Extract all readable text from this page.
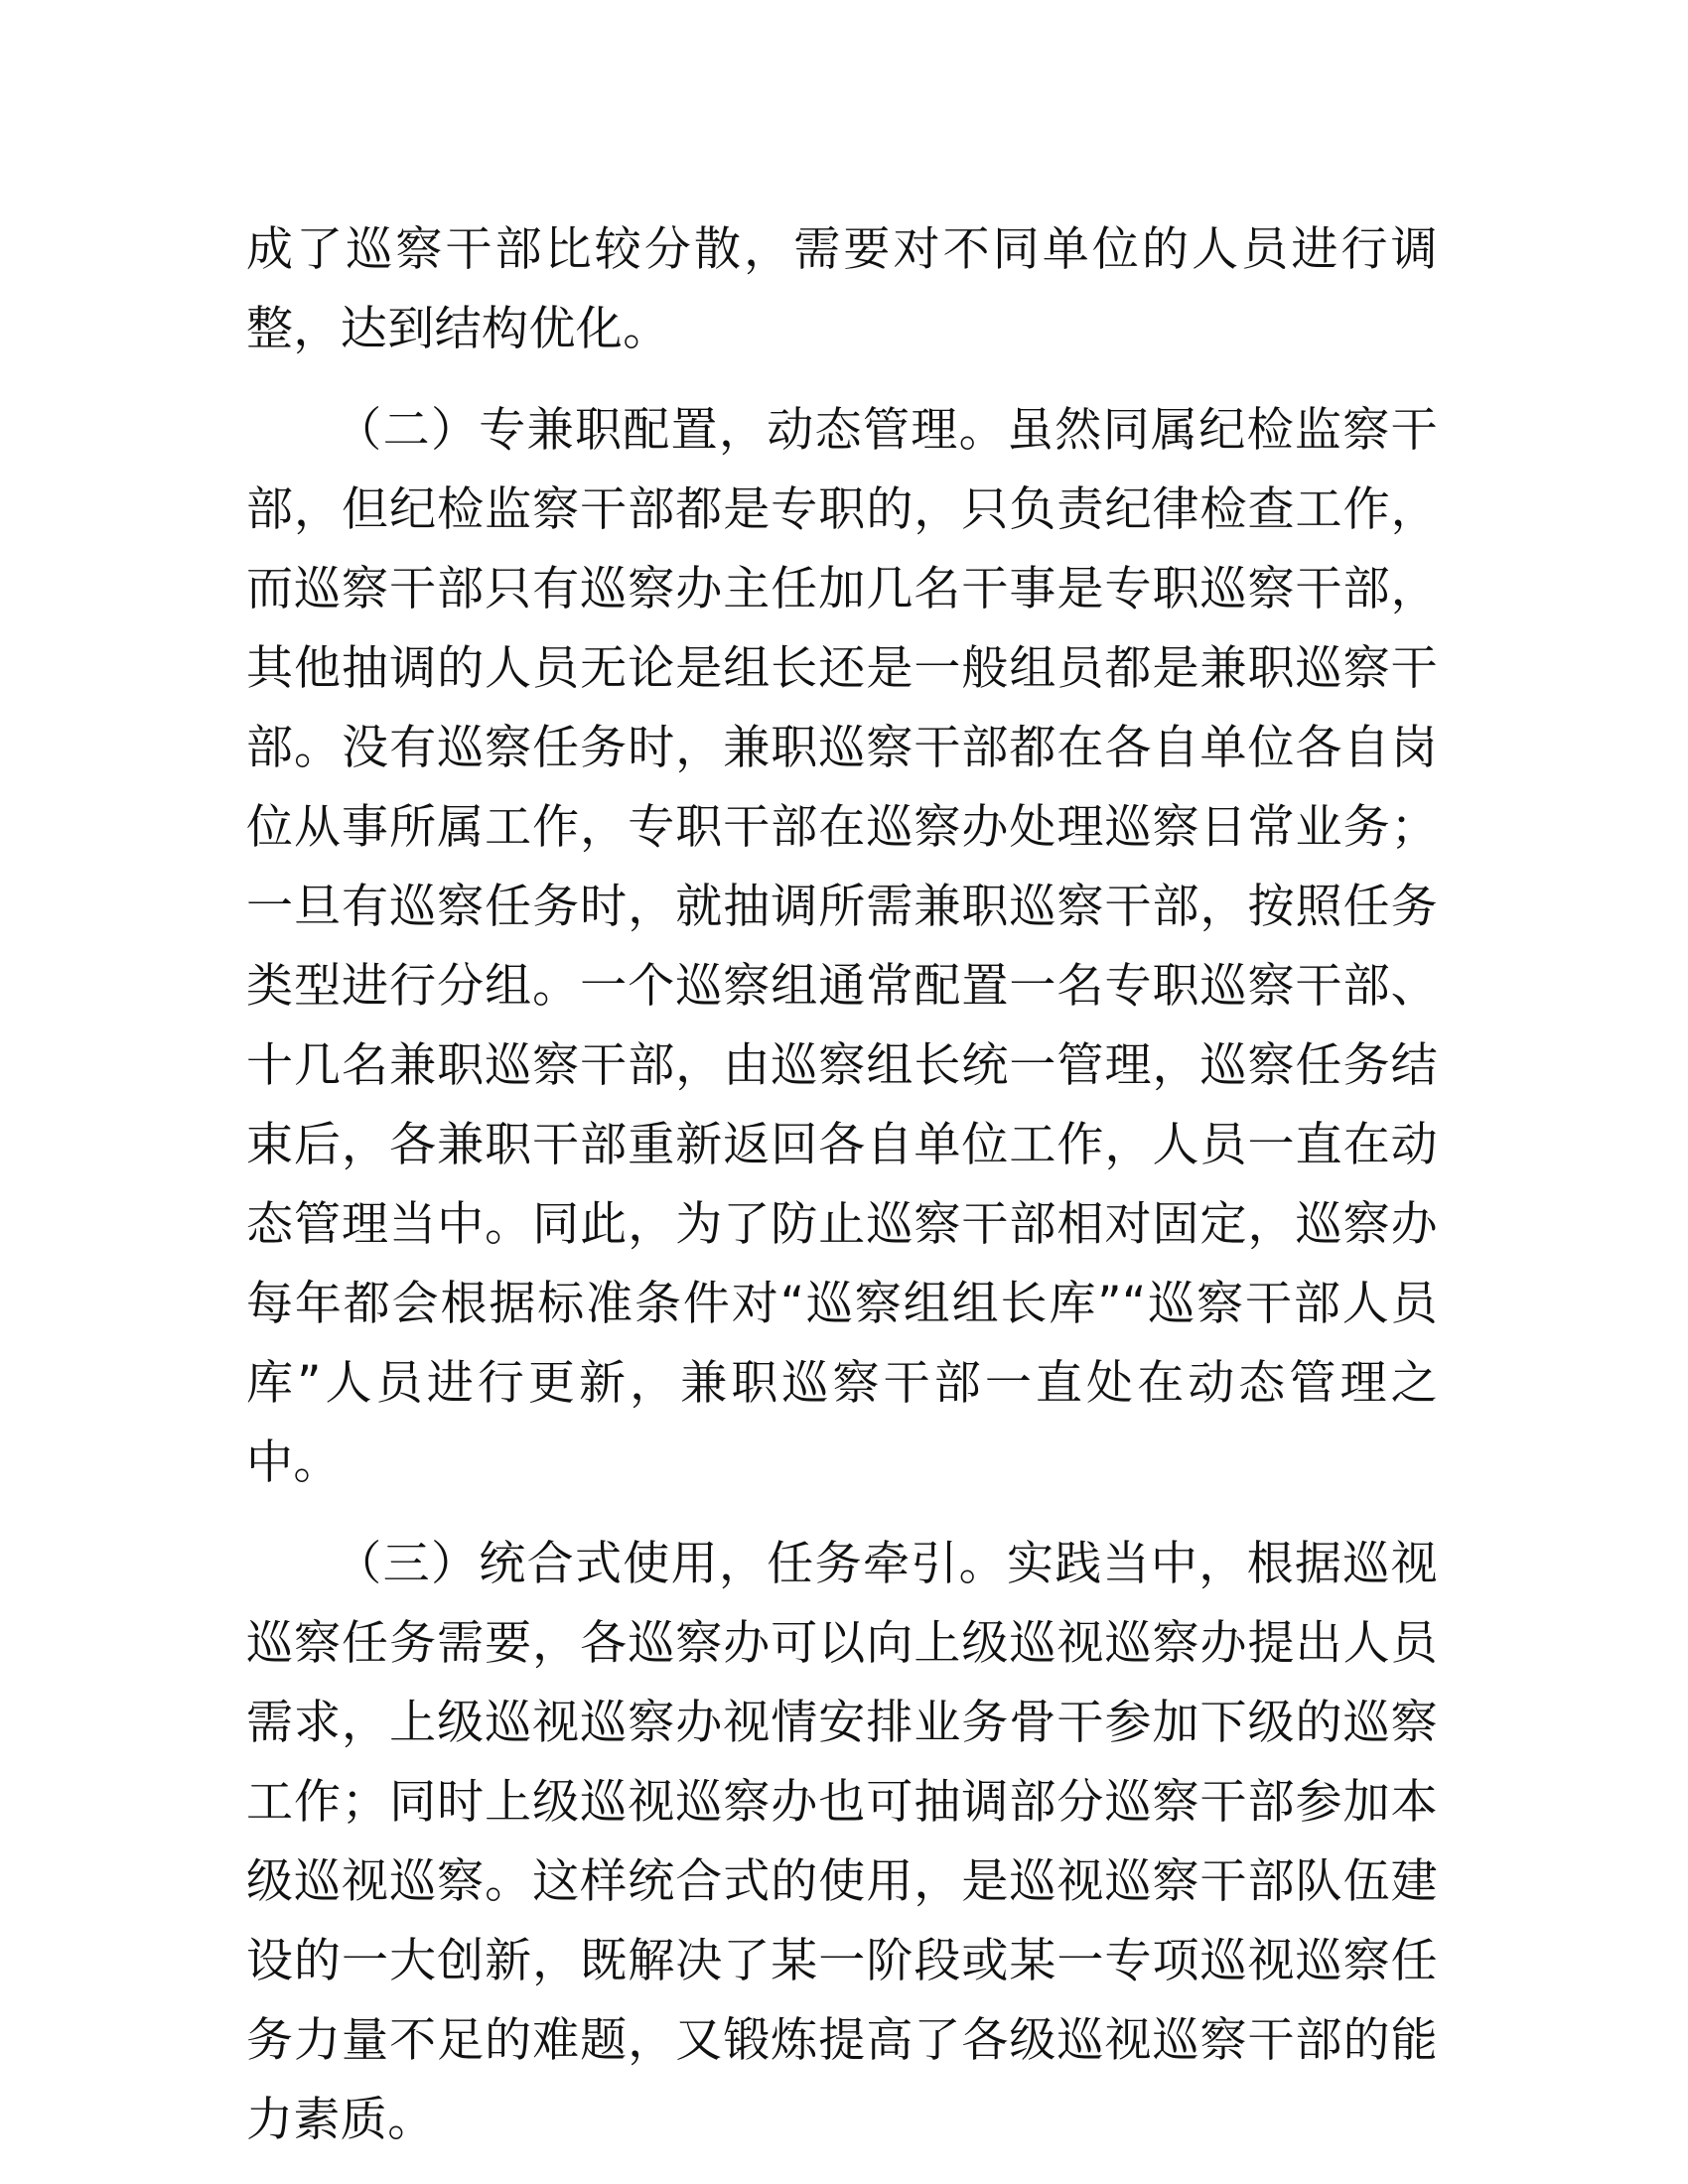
成了巡察干部比较分散，需要对不同单位的人员进行调整，达到结构优化。

（二）专兼职配置，动态管理。虽然同属纪检监察干部，但纪检监察干部都是专职的，只负责纪律检查工作，而巡察干部只有巡察办主任加几名干事是专职巡察干部，其他抽调的人员无论是组长还是一般组员都是兼职巡察干部。没有巡察任务时，兼职巡察干部都在各自单位各自岗位从事所属工作，专职干部在巡察办处理巡察日常业务；一旦有巡察任务时，就抽调所需兼职巡察干部，按照任务类型进行分组。一个巡察组通常配置一名专职巡察干部、十几名兼职巡察干部，由巡察组长统一管理，巡察任务结束后，各兼职干部重新返回各自单位工作，人员一直在动态管理当中。同此，为了防止巡察干部相对固定，巡察办每年都会根据标准条件对“巡察组组长库”“巡察干部人员库”人员进行更新，兼职巡察干部一直处在动态管理之中。

（三）统合式使用，任务牵引。实践当中，根据巡视巡察任务需要，各巡察办可以向上级巡视巡察办提出人员需求，上级巡视巡察办视情安排业务骨干参加下级的巡察工作；同时上级巡视巡察办也可抽调部分巡察干部参加本级巡视巡察。这样统合式的使用，是巡视巡察干部队伍建设的一大创新，既解决了某一阶段或某一专项巡视巡察任务力量不足的难题，又锻炼提高了各级巡视巡察干部的能力素质。
